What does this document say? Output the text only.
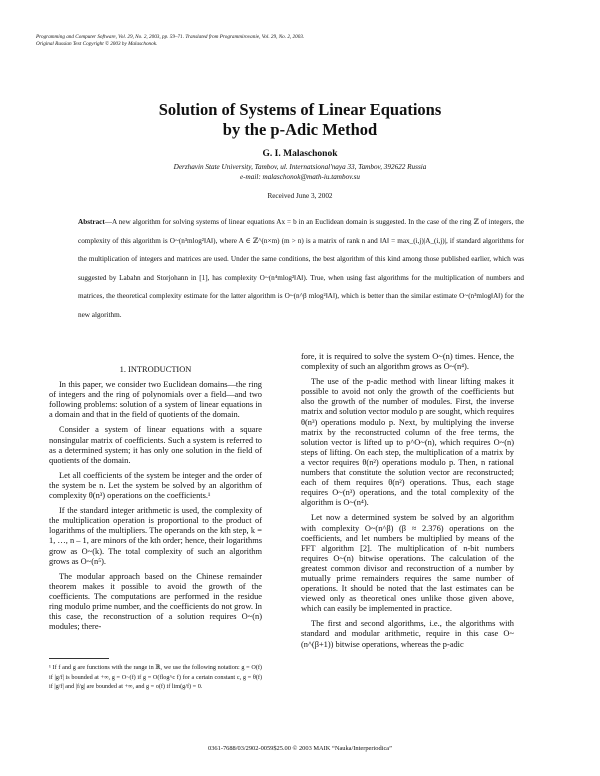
Programming and Computer Software, Vol. 29, No. 2, 2003, pp. 59–71. Translated from Programmirovanie, Vol. 29, No. 2, 2003.
Original Russian Text Copyright © 2003 by Malaschonok.
Solution of Systems of Linear Equations
by the p-Adic Method
G. I. Malaschonok
Derzhavin State University, Tambov, ul. Internatsional'naya 33, Tambov, 392622 Russia
e-mail: malaschonok@math-iu.tambov.su
Received June 3, 2002
Abstract—A new algorithm for solving systems of linear equations Ax = b in an Euclidean domain is suggested. In the case of the ring ℤ of integers, the complexity of this algorithm is O~(n³mlog²‖A‖), where A ∈ ℤ^(n×m) (m > n) is a matrix of rank n and ‖A‖ = max_(i,j)|A_(i,j)|, if standard algorithms for the multiplication of integers and matrices are used. Under the same conditions, the best algorithm of this kind among those published earlier, which was suggested by Labahn and Storjohann in [1], has complexity O~(n⁴mlog²‖A‖). True, when using fast algorithms for the multiplication of numbers and matrices, the theoretical complexity estimate for the latter algorithm is O~(n^β mlog²‖A‖), which is better than the similar estimate O~(n³mlog‖A‖) for the new algorithm.

1. INTRODUCTION

In this paper, we consider two Euclidean domains—the ring of integers and the ring of polynomials over a field—and two following problems: solution of a system of linear equations in a domain and that in the field of quotients of the domain.

Consider a system of linear equations with a square nonsingular matrix of coefficients. Such a system is referred to as a determined system; it has only one solution in the field of quotients of the domain.

Let all coefficients of the system be integer and the order of the system be n. Let the system be solved by an algorithm of complexity θ(n³) operations on the coefficients.¹

If the standard integer arithmetic is used, the complexity of the multiplication operation is proportional to the product of logarithms of the multipliers. The operands on the kth step, k = 1, …, n – 1, are minors of the kth order; hence, their logarithms grow as O~(k). The total complexity of such an algorithm grows as O~(n⁵).

The modular approach based on the Chinese remainder theorem makes it possible to avoid the growth of the coefficients. The computations are performed in the residue ring modulo prime number, and the coefficients do not grow. In this case, the reconstruction of a solution requires O~(n) modules; there-

fore, it is required to solve the system O~(n) times. Hence, the complexity of such an algorithm grows as O~(n⁴).

The use of the p-adic method with linear lifting makes it possible to avoid not only the growth of the coefficients but also the growth of the number of modules. First, the inverse matrix and solution vector modulo p are sought, which requires θ(n³) operations modulo p. Next, by multiplying the inverse matrix by the reconstructed column of the free terms, the solution vector is lifted up to p^O~(n), which requires O~(n) steps of lifting. On each step, the multiplication of a matrix by a vector requires θ(n²) operations modulo p. Then, n rational numbers that constitute the solution vector are reconstructed; each of them requires θ(n²) operations. Thus, each stage requires O~(n³) operations, and the total complexity of the algorithm is O~(n⁴).

Let now a determined system be solved by an algorithm with complexity O~(n^β) (β ≈ 2.376) operations on the coefficients, and let numbers be multiplied by means of the FFT algorithm [2]. The multiplication of n-bit numbers requires O~(n) bitwise operations. The calculation of the greatest common divisor and reconstruction of a number by mutually prime remainders requires the same number of operations. It should be noted that the last estimates can be viewed only as theoretical ones unlike those given above, which can easily be implemented in practice.

The first and second algorithms, i.e., the algorithms with standard and modular arithmetic, require in this case O~(n^(β+1)) bitwise operations, whereas the p-adic

¹ If f and g are functions with the range in ℝ, we use the following notation: g = O(f) if |g/f| is bounded at +∞, g = O~(f) if g = O(flog^c f) for a certain constant c, g = θ(f) if |g/f| and |f/g| are bounded at +∞, and g = o(f) if lim(g/f) = 0.
0361-7688/03/2902-0059$25.00 © 2003 MAIK “Nauka/Interperiodica”
